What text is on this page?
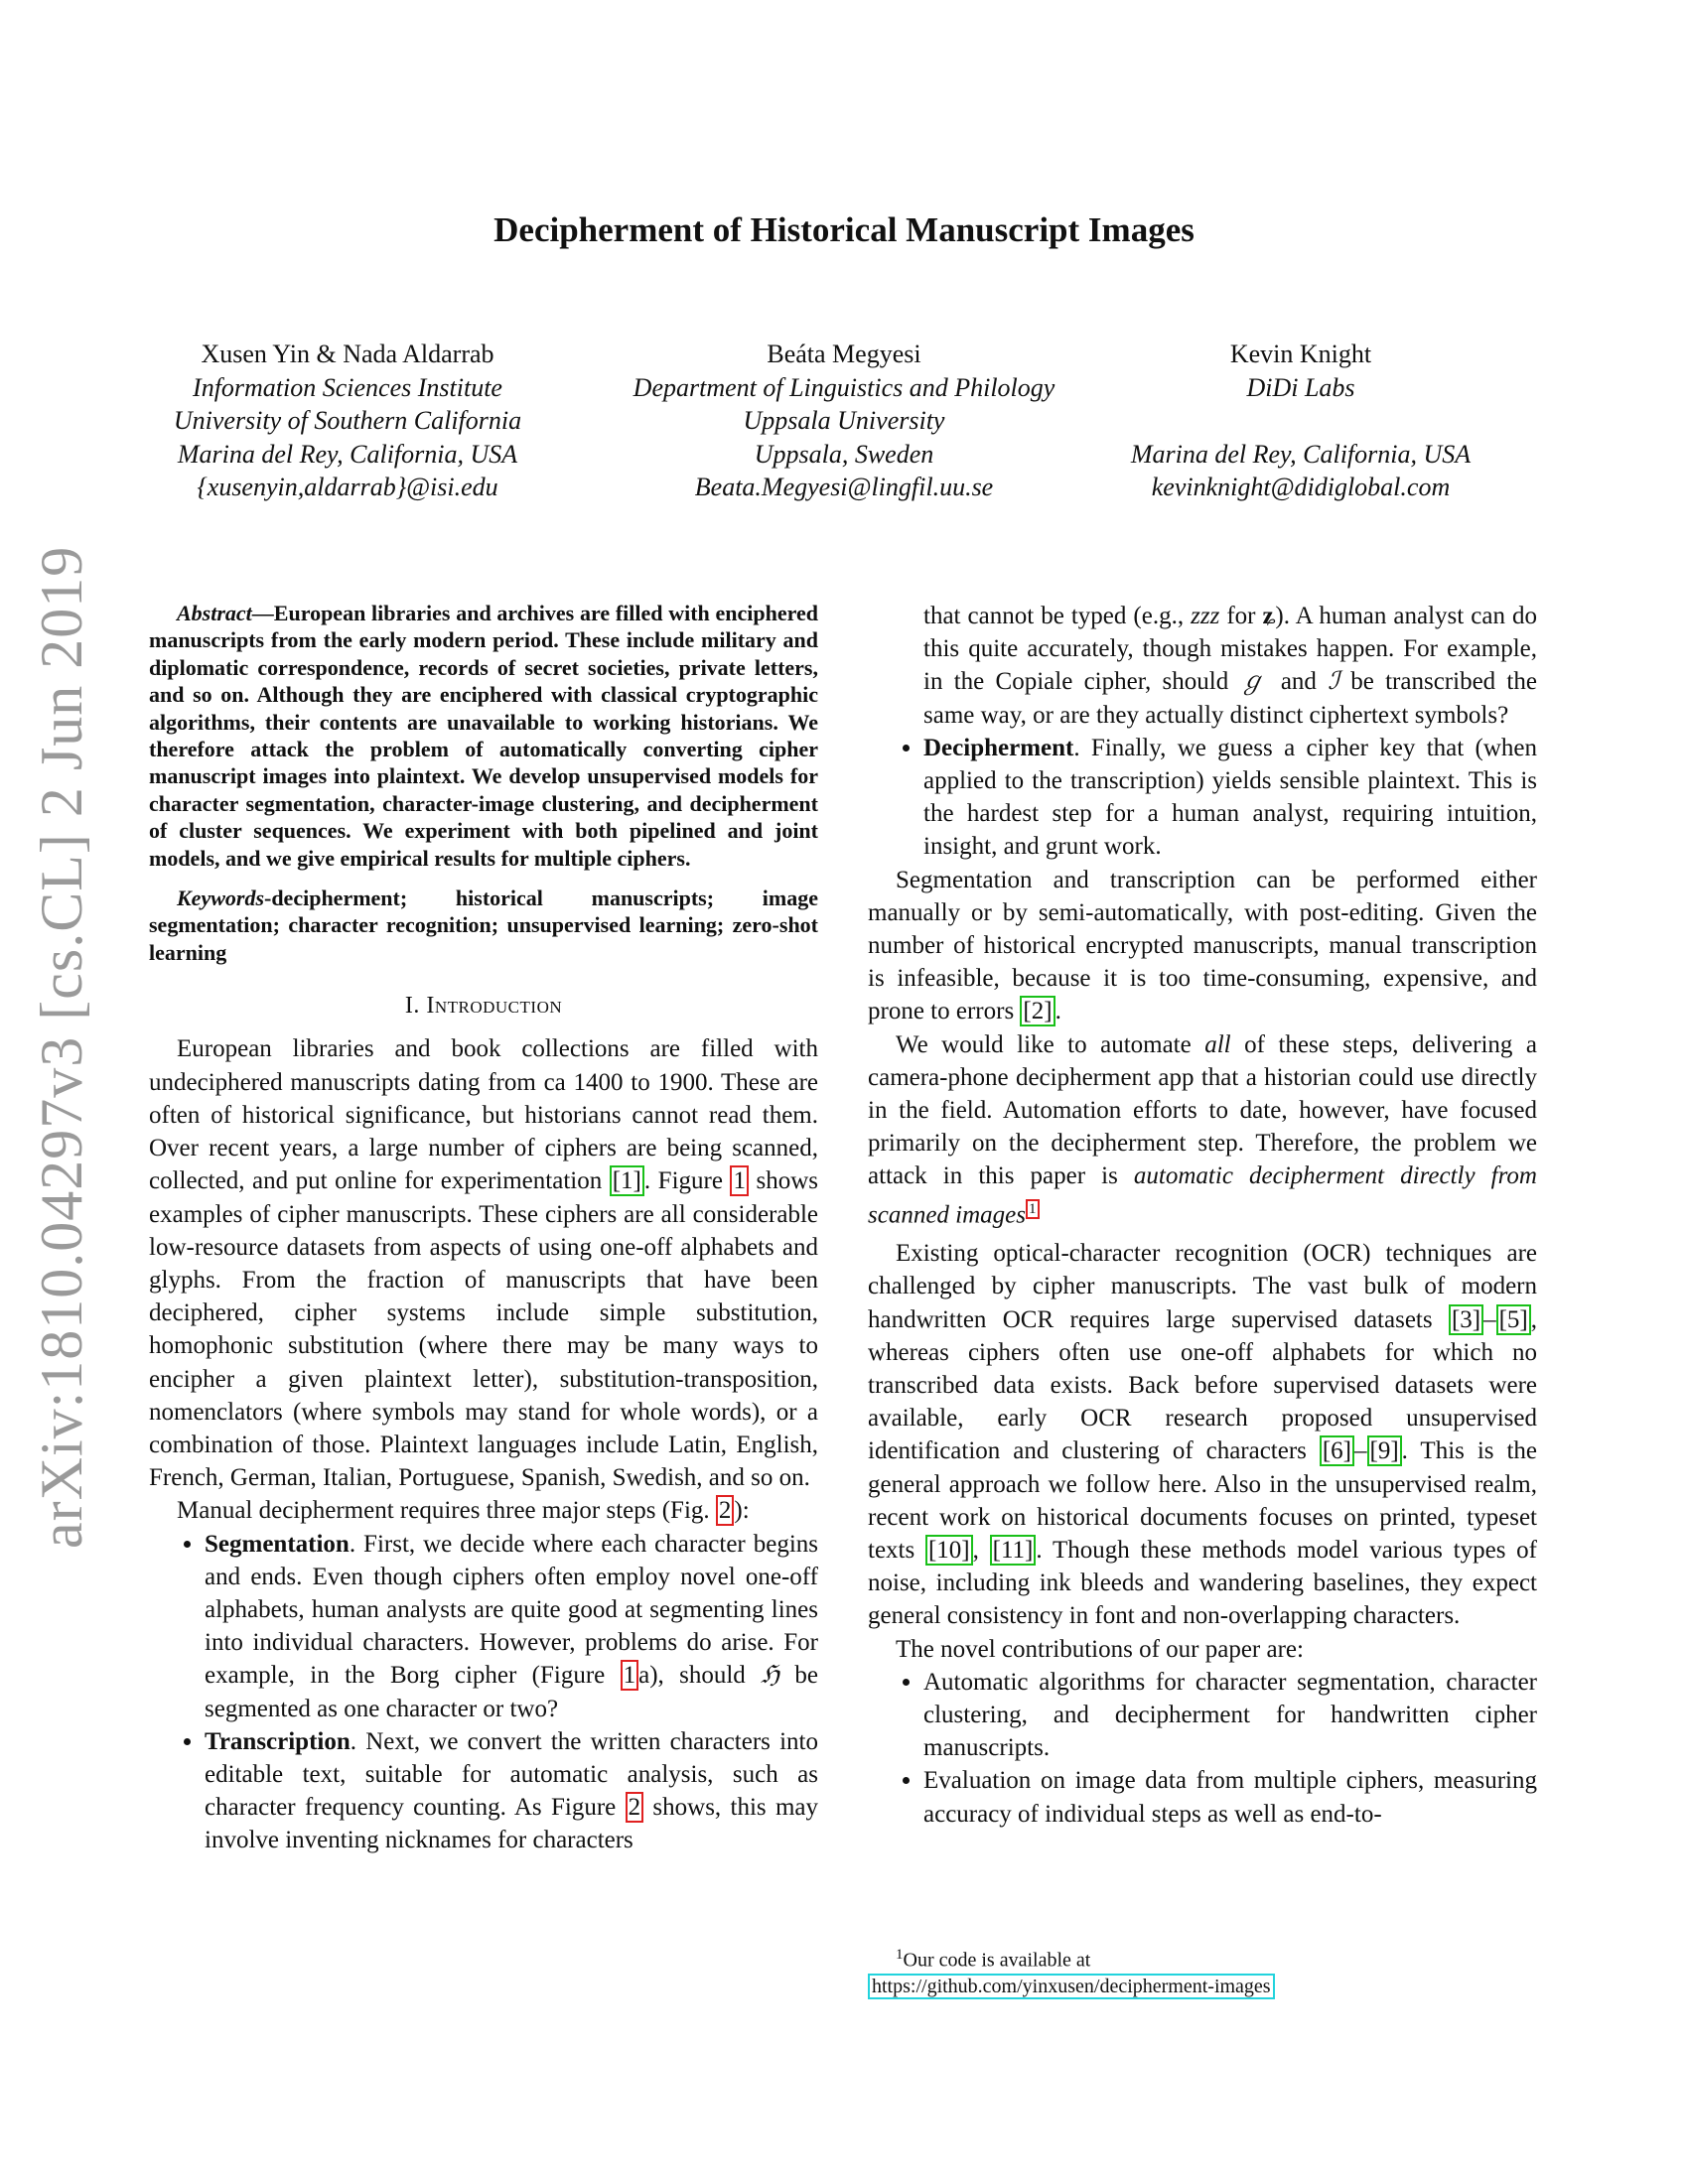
arXiv:1810.04297v3 [cs.CL] 2 Jun 2019
Decipherment of Historical Manuscript Images
Xusen Yin & Nada Aldarrab
Information Sciences Institute
University of Southern California
Marina del Rey, California, USA
{xusenyin,aldarrab}@isi.edu
Beáta Megyesi
Department of Linguistics and Philology
Uppsala University
Uppsala, Sweden
Beata.Megyesi@lingfil.uu.se
Kevin Knight
DiDi Labs
Marina del Rey, California, USA
kevinknight@didiglobal.com

Abstract—European libraries and archives are filled with enciphered manuscripts from the early modern period. These include military and diplomatic correspondence, records of secret societies, private letters, and so on. Although they are enciphered with classical cryptographic algorithms, their contents are unavailable to working historians. We therefore attack the problem of automatically converting cipher manuscript images into plaintext. We develop unsupervised models for character segmentation, character-image clustering, and decipherment of cluster sequences. We experiment with both pipelined and joint models, and we give empirical results for multiple ciphers.

Keywords-decipherment; historical manuscripts; image segmentation; character recognition; unsupervised learning; zero-shot learning

I. Introduction

European libraries and book collections are filled with undeciphered manuscripts dating from ca 1400 to 1900. These are often of historical significance, but historians cannot read them. Over recent years, a large number of ciphers are being scanned, collected, and put online for experimentation [1] . Figure 1 shows examples of cipher manuscripts. These ciphers are all considerable low-resource datasets from aspects of using one-off alphabets and glyphs. From the fraction of manuscripts that have been deciphered, cipher systems include simple substitution, homophonic substitution (where there may be many ways to encipher a given plaintext letter), substitution-transposition, nomenclators (where symbols may stand for whole words), or a combination of those. Plaintext languages include Latin, English, French, German, Italian, Portuguese, Spanish, Swedish, and so on.

Manual decipherment requires three major steps (Fig. 2 ):

• Segmentation. First, we decide where each character begins and ends. Even though ciphers often employ novel one-off alphabets, human analysts are quite good at segmenting lines into individual characters. However, problems do arise. For example, in the Borg cipher (Figure 1 a), should ℌ be segmented as one character or two?
• Transcription. Next, we convert the written characters into editable text, suitable for automatic analysis, such as character frequency counting. As Figure 2 shows, this may involve inventing nicknames for characters
that cannot be typed (e.g., zzz for ʑ). A human analyst can do this quite accurately, though mistakes happen. For example, in the Copiale cipher, should ℊ and ℐ be transcribed the same way, or are they actually distinct ciphertext symbols?
• Decipherment. Finally, we guess a cipher key that (when applied to the transcription) yields sensible plaintext. This is the hardest step for a human analyst, requiring intuition, insight, and grunt work.

Segmentation and transcription can be performed either manually or by semi-automatically, with post-editing. Given the number of historical encrypted manuscripts, manual transcription is infeasible, because it is too time-consuming, expensive, and prone to errors [2] .

We would like to automate all of these steps, delivering a camera-phone decipherment app that a historian could use directly in the field. Automation efforts to date, however, have focused primarily on the decipherment step. Therefore, the problem we attack in this paper is automatic decipherment directly from scanned images $^1$

Existing optical-character recognition (OCR) techniques are challenged by cipher manuscripts. The vast bulk of modern handwritten OCR requires large supervised datasets [3] – [5] , whereas ciphers often use one-off alphabets for which no transcribed data exists. Back before supervised datasets were available, early OCR research proposed unsupervised identification and clustering of characters [6] – [9] . This is the general approach we follow here. Also in the unsupervised realm, recent work on historical documents focuses on printed, typeset texts [10] , [11] . Though these methods model various types of noise, including ink bleeds and wandering baselines, they expect general consistency in font and non-overlapping characters.

The novel contributions of our paper are:

• Automatic algorithms for character segmentation, character clustering, and decipherment for handwritten cipher manuscripts.
• Evaluation on image data from multiple ciphers, measuring accuracy of individual steps as well as end-to-
$^1$Our code is available at
https://github.com/yinxusen/decipherment-images
